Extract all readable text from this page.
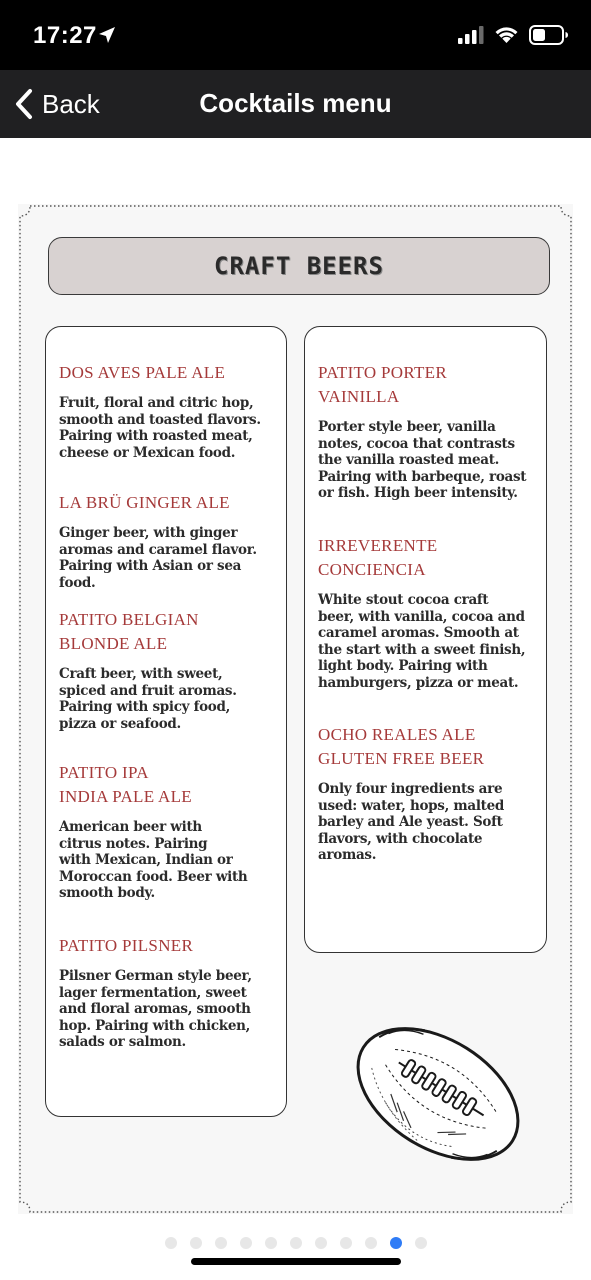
17:27
Back	Cocktails menu
CRAFT BEERS
DOS AVES PALE ALE
Fruit, floral and citric hop,
smooth and toasted flavors.
Pairing with roasted meat,
cheese or Mexican food.
LA BRÜ GINGER ALE
Ginger beer, with ginger
aromas and caramel flavor.
Pairing with Asian or sea food.
PATITO BELGIAN
BLONDE ALE
Craft beer, with sweet,
spiced and fruit aromas.
Pairing with spicy food,
pizza or seafood.
PATITO IPA
INDIA PALE ALE
American beer with
citrus notes. Pairing
with Mexican, Indian or
Moroccan food. Beer with
smooth body.
PATITO PILSNER
Pilsner German style beer,
lager fermentation, sweet
and floral aromas, smooth
hop. Pairing with chicken,
salads or salmon.
PATITO PORTER
VAINILLA
Porter style beer, vanilla
notes, cocoa that contrasts
the vanilla roasted meat.
Pairing with barbeque, roast
or fish. High beer intensity.
IRREVERENTE
CONCIENCIA
White stout cocoa craft
beer, with vanilla, cocoa and
caramel aromas. Smooth at
the start with a sweet finish,
light body. Pairing with
hamburgers, pizza or meat.
OCHO REALES ALE
GLUTEN FREE BEER
Only four ingredients are
used: water, hops, malted
barley and Ale yeast. Soft
flavors, with chocolate
aromas.
